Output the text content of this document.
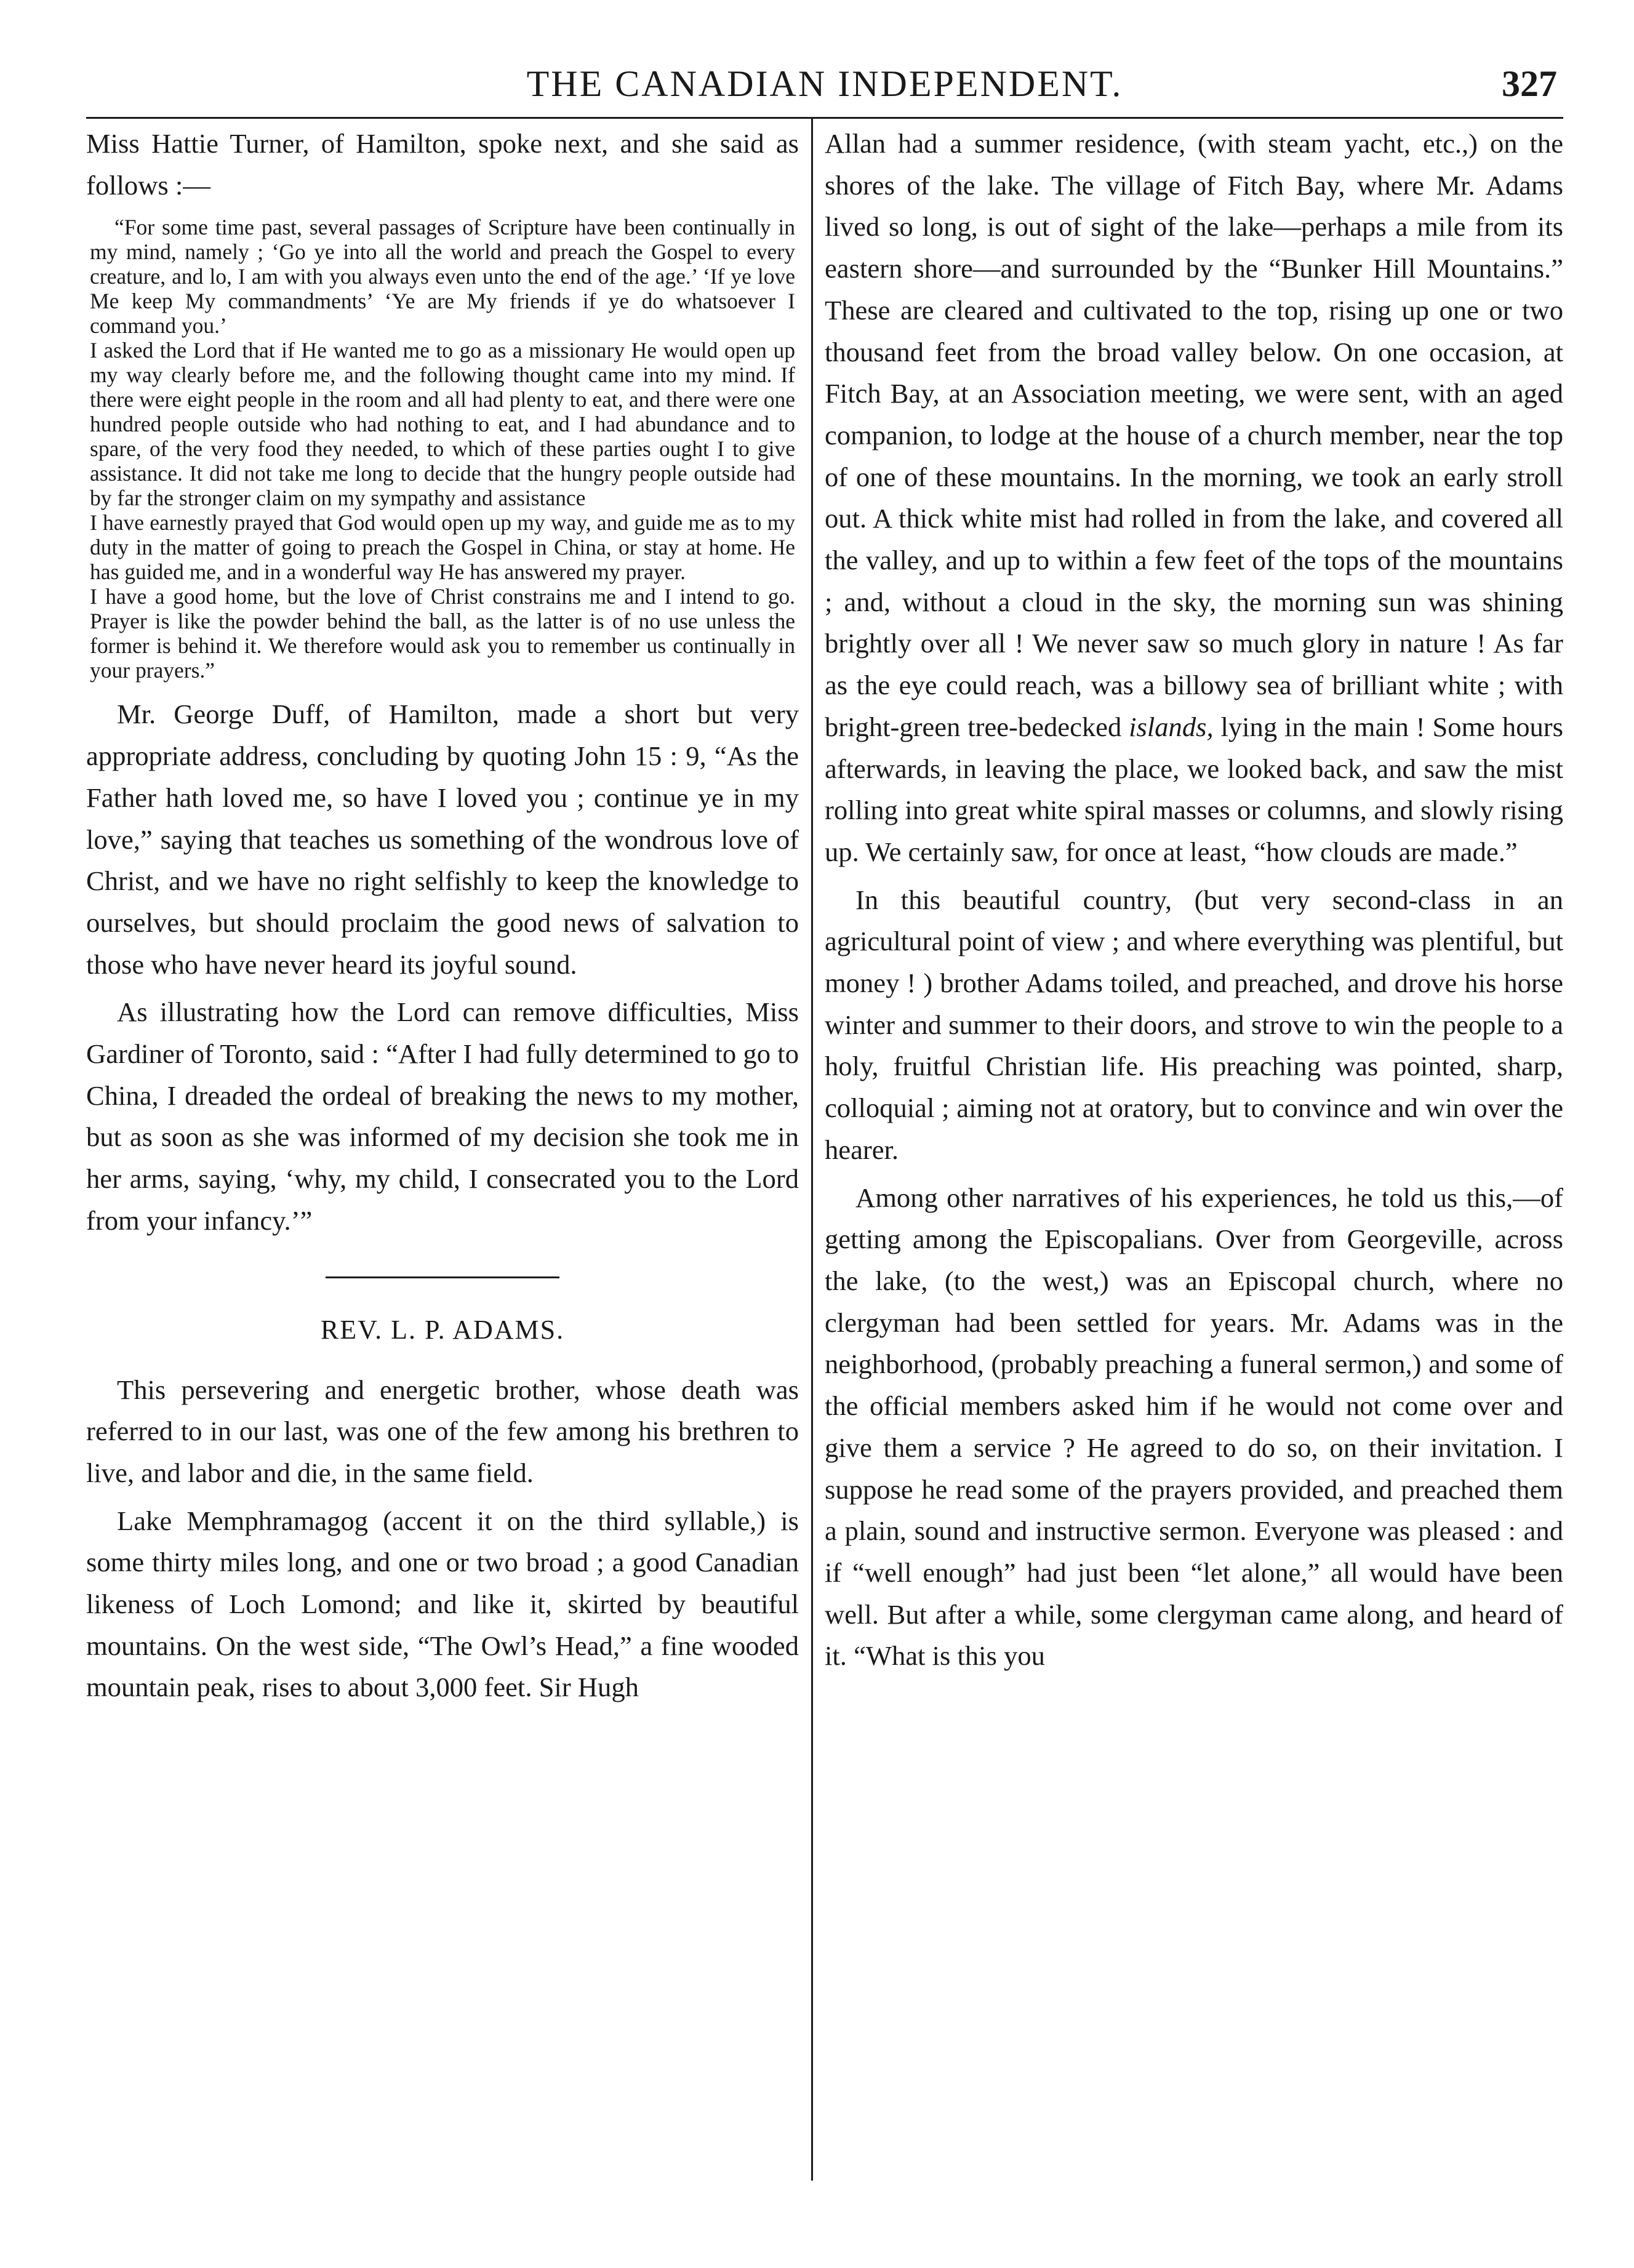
THE CANADIAN INDEPENDENT.	327

Miss Hattie Turner, of Hamilton, spoke next, and she said as follows :—

“For some time past, several passages of Scripture have been continually in my mind, namely ; ‘Go ye into all the world and preach the Gospel to every creature, and lo, I am with you always even unto the end of the age.’ ‘If ye love Me keep My commandments’ ‘Ye are My friends if ye do whatsoever I command you.’

I asked the Lord that if He wanted me to go as a missionary He would open up my way clearly before me, and the following thought came into my mind. If there were eight people in the room and all had plenty to eat, and there were one hundred people outside who had nothing to eat, and I had abundance and to spare, of the very food they needed, to which of these parties ought I to give assistance. It did not take me long to decide that the hungry people outside had by far the stronger claim on my sympathy and assistance

I have earnestly prayed that God would open up my way, and guide me as to my duty in the matter of going to preach the Gospel in China, or stay at home. He has guided me, and in a wonderful way He has answered my prayer.

I have a good home, but the love of Christ constrains me and I intend to go. Prayer is like the powder behind the ball, as the latter is of no use unless the former is behind it. We therefore would ask you to remember us continually in your prayers.”

Mr. George Duff, of Hamilton, made a short but very appropriate address, concluding by quoting John 15 : 9, “As the Father hath loved me, so have I loved you ; continue ye in my love,” saying that teaches us something of the wondrous love of Christ, and we have no right selfishly to keep the knowledge to ourselves, but should proclaim the good news of salvation to those who have never heard its joyful sound.

As illustrating how the Lord can remove difficulties, Miss Gardiner of Toronto, said : “After I had fully determined to go to China, I dreaded the ordeal of breaking the news to my mother, but as soon as she was informed of my decision she took me in her arms, saying, ‘why, my child, I consecrated you to the Lord from your infancy.’”

REV. L. P. ADAMS.

This persevering and energetic brother, whose death was referred to in our last, was one of the few among his brethren to live, and labor and die, in the same field.

Lake Memphramagog (accent it on the third syllable,) is some thirty miles long, and one or two broad ; a good Canadian likeness of Loch Lomond; and like it, skirted by beautiful mountains. On the west side, “The Owl’s Head,” a fine wooded mountain peak, rises to about 3,000 feet. Sir Hugh

Allan had a summer residence, (with steam yacht, etc.,) on the shores of the lake. The village of Fitch Bay, where Mr. Adams lived so long, is out of sight of the lake—perhaps a mile from its eastern shore—and surrounded by the “Bunker Hill Mountains.” These are cleared and cultivated to the top, rising up one or two thousand feet from the broad valley below. On one occasion, at Fitch Bay, at an Association meeting, we were sent, with an aged companion, to lodge at the house of a church member, near the top of one of these mountains. In the morning, we took an early stroll out. A thick white mist had rolled in from the lake, and covered all the valley, and up to within a few feet of the tops of the mountains ; and, without a cloud in the sky, the morning sun was shining brightly over all ! We never saw so much glory in nature ! As far as the eye could reach, was a billowy sea of brilliant white ; with bright-green tree-bedecked islands, lying in the main ! Some hours afterwards, in leaving the place, we looked back, and saw the mist rolling into great white spiral masses or columns, and slowly rising up. We certainly saw, for once at least, “how clouds are made.”

In this beautiful country, (but very second-class in an agricultural point of view ; and where everything was plentiful, but money ! ) brother Adams toiled, and preached, and drove his horse winter and summer to their doors, and strove to win the people to a holy, fruitful Christian life. His preaching was pointed, sharp, colloquial ; aiming not at oratory, but to convince and win over the hearer.

Among other narratives of his experiences, he told us this,—of getting among the Episcopalians. Over from Georgeville, across the lake, (to the west,) was an Episcopal church, where no clergyman had been settled for years. Mr. Adams was in the neighborhood, (probably preaching a funeral sermon,) and some of the official members asked him if he would not come over and give them a service ? He agreed to do so, on their invitation. I suppose he read some of the prayers provided, and preached them a plain, sound and instructive sermon. Everyone was pleased : and if “well enough” had just been “let alone,” all would have been well. But after a while, some clergyman came along, and heard of it. “What is this you
